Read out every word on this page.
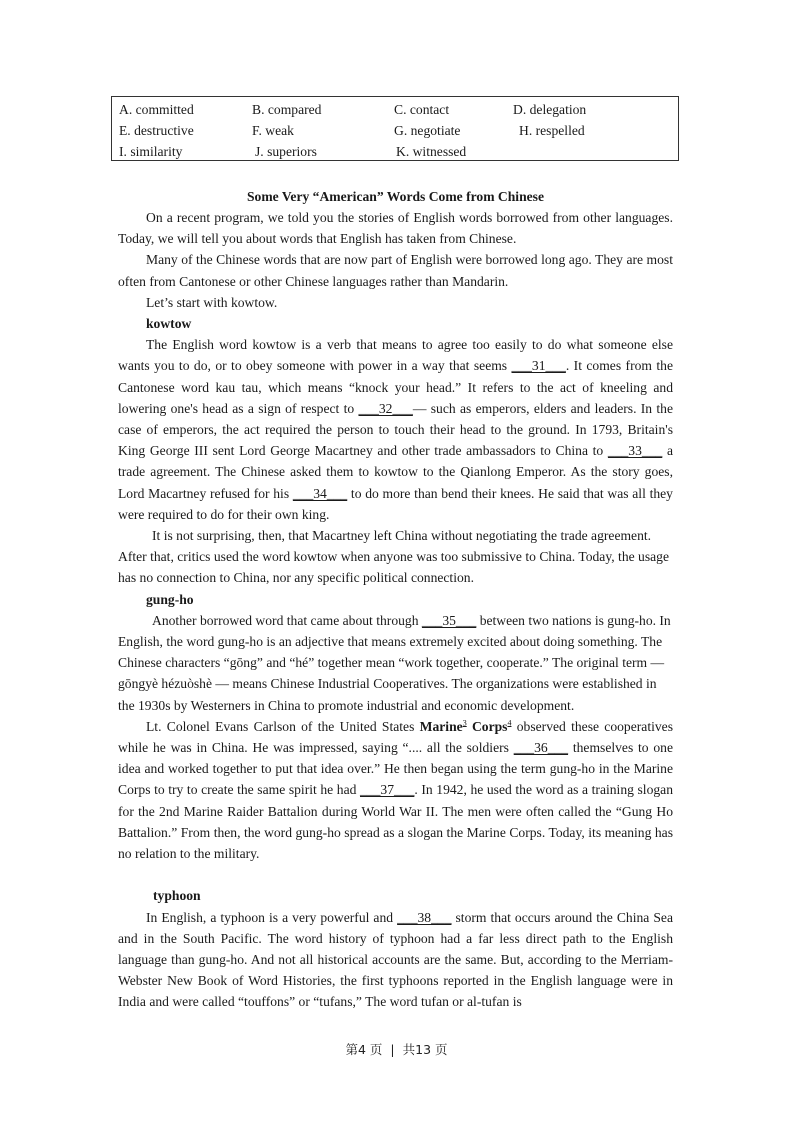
A. committed	B. compared	C. contact	D. delegation
E. destructive	F. weak	G. negotiate	H. respelled
I. similarity	J. superiors	K. witnessed
Some Very “American” Words Come from Chinese

On a recent program, we told you the stories of English words borrowed from other languages. Today, we will tell you about words that English has taken from Chinese.

Many of the Chinese words that are now part of English were borrowed long ago. They are most often from Cantonese or other Chinese languages rather than Mandarin.

Let’s start with kowtow.

kowtow

The English word kowtow is a verb that means to agree too easily to do what someone else wants you to do, or to obey someone with power in a way that seems ___31___. It comes from the Cantonese word kau tau, which means “knock your head.” It refers to the act of kneeling and lowering one's head as a sign of respect to ___32___— such as emperors, elders and leaders. In the case of emperors, the act required the person to touch their head to the ground. In 1793, Britain's King George III sent Lord George Macartney and other trade ambassadors to China to ___33___ a trade agreement. The Chinese asked them to kowtow to the Qianlong Emperor. As the story goes, Lord Macartney refused for his ___34___ to do more than bend their knees. He said that was all they were required to do for their own king.

It is not surprising, then, that Macartney left China without negotiating the trade agreement. After that, critics used the word kowtow when anyone was too submissive to China. Today, the usage has no connection to China, nor any specific political connection.

gung-ho

Another borrowed word that came about through ___35___ between two nations is gung-ho. In English, the word gung-ho is an adjective that means extremely excited about doing something. The Chinese characters “gōng” and “hé” together mean “work together, cooperate.” The original term — gōngyè hézuòshè — means Chinese Industrial Cooperatives. The organizations were established in the 1930s by Westerners in China to promote industrial and economic development.

Lt. Colonel Evans Carlson of the United States Marine$^3$ Corps$^4$ observed these cooperatives while he was in China. He was impressed, saying “.... all the soldiers ___36___ themselves to one idea and worked together to put that idea over.” He then began using the term gung-ho in the Marine Corps to try to create the same spirit he had ___37___. In 1942, he used the word as a training slogan for the 2nd Marine Raider Battalion during World War II. The men were often called the “Gung Ho Battalion.” From then, the word gung-ho spread as a slogan the Marine Corps. Today, its meaning has no relation to the military.

typhoon

In English, a typhoon is a very powerful and ___38___ storm that occurs around the China Sea and in the South Pacific. The word history of typhoon had a far less direct path to the English language than gung-ho. And not all historical accounts are the same. But, according to the Merriam-Webster New Book of Word Histories, the first typhoons reported in the English language were in India and were called “touffons” or “tufans,” The word tufan or al-tufan is

第4 页 | 共13 页
